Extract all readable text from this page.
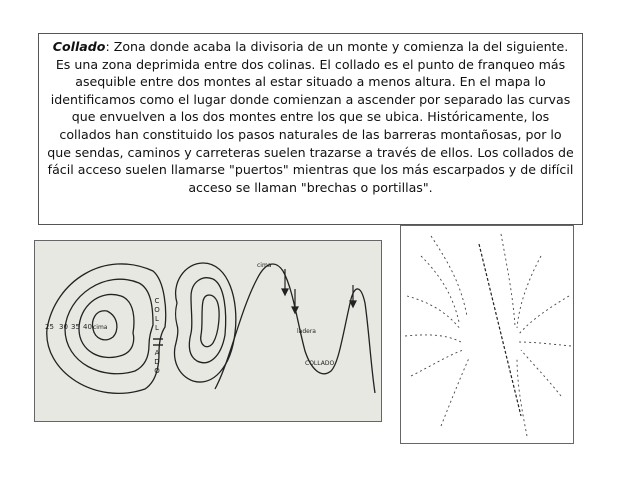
Collado: Zona donde acaba la divisoria de un monte y comienza la del siguiente. Es una zona deprimida entre dos colinas. El collado es el punto de franqueo más asequible entre dos montes al estar situado a menos altura. En el mapa lo identificamos como el lugar donde comienzan a ascender por separado las curvas que envuelven a los dos montes entre los que se ubica. Históricamente, los collados han constituido los pasos naturales de las barreras montañosas, por lo que sendas, caminos y carreteras suelen trazarse a través de ellos. Los collados de fácil acceso suelen llamarse "puertos" mientras que los más escarpados y de difícil acceso se llaman "brechas o portillas".
25 30 35 40 cima
C
O
L
L
A
D
O
cima
ladera
COLLADO
